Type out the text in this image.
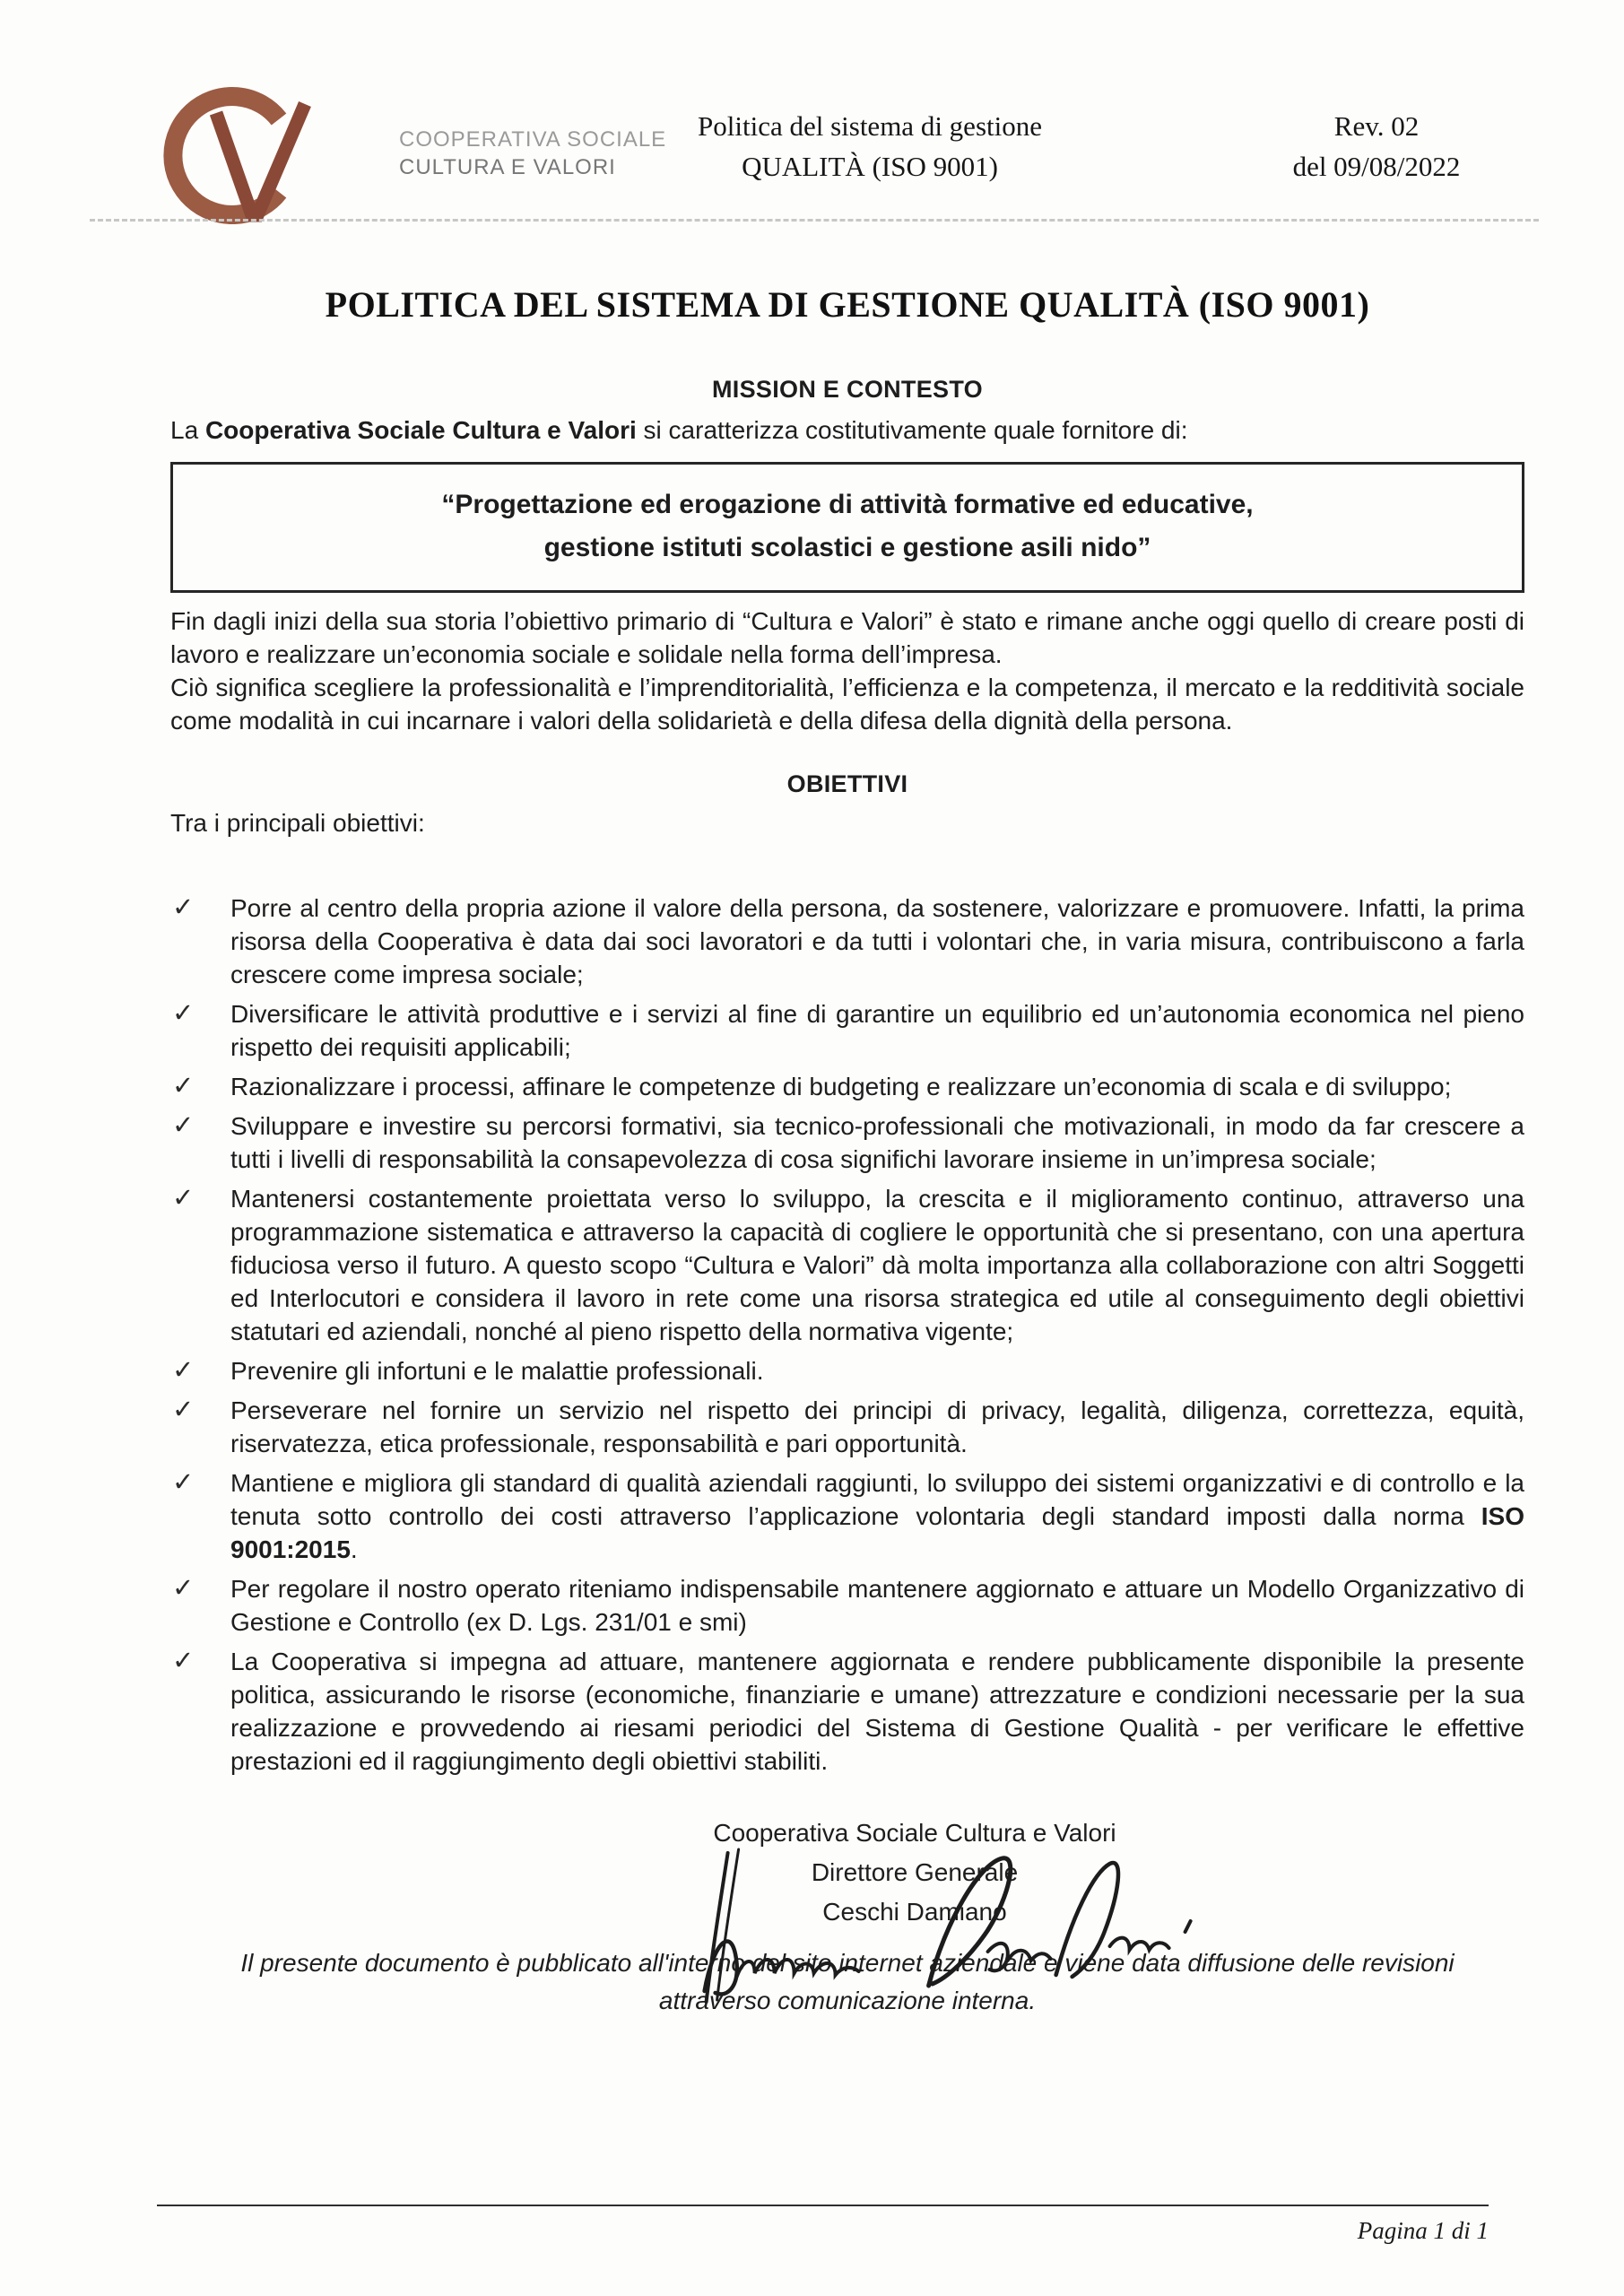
COOPERATIVA SOCIALE
CULTURA E VALORI
Politica del sistema di gestione
QUALITÀ (ISO 9001)
Rev. 02
del 09/08/2022
POLITICA DEL SISTEMA DI GESTIONE QUALITÀ (ISO 9001)
MISSION E CONTESTO
La Cooperativa Sociale Cultura e Valori si caratterizza costitutivamente quale fornitore di:
“Progettazione ed erogazione di attività formative ed educative,
gestione istituti scolastici e gestione asili nido”
Fin dagli inizi della sua storia l’obiettivo primario di “Cultura e Valori” è stato e rimane anche oggi quello di creare posti di lavoro e realizzare un’economia sociale e solidale nella forma dell’impresa.
Ciò significa scegliere la professionalità e l’imprenditorialità, l’efficienza e la competenza, il mercato e la redditività sociale come modalità in cui incarnare i valori della solidarietà e della difesa della dignità della persona.
OBIETTIVI
Tra i principali obiettivi:
✓	Porre al centro della propria azione il valore della persona, da sostenere, valorizzare e promuovere. Infatti, la prima risorsa della Cooperativa è data dai soci lavoratori e da tutti i volontari che, in varia misura, contribuiscono a farla crescere come impresa sociale;
✓	Diversificare le attività produttive e i servizi al fine di garantire un equilibrio ed un’autonomia economica nel pieno rispetto dei requisiti applicabili;
✓	Razionalizzare i processi, affinare le competenze di budgeting e realizzare un’economia di scala e di sviluppo;
✓	Sviluppare e investire su percorsi formativi, sia tecnico-professionali che motivazionali, in modo da far crescere a tutti i livelli di responsabilità la consapevolezza di cosa significhi lavorare insieme in un’impresa sociale;
✓	Mantenersi costantemente proiettata verso lo sviluppo, la crescita e il miglioramento continuo, attraverso una programmazione sistematica e attraverso la capacità di cogliere le opportunità che si presentano, con una apertura fiduciosa verso il futuro. A questo scopo “Cultura e Valori” dà molta importanza alla collaborazione con altri Soggetti ed Interlocutori e considera il lavoro in rete come una risorsa strategica ed utile al conseguimento degli obiettivi statutari ed aziendali, nonché al pieno rispetto della normativa vigente;
✓	Prevenire gli infortuni e le malattie professionali.
✓	Perseverare nel fornire un servizio nel rispetto dei principi di privacy, legalità, diligenza, correttezza, equità, riservatezza, etica professionale, responsabilità e pari opportunità.
✓	Mantiene e migliora gli standard di qualità aziendali raggiunti, lo sviluppo dei sistemi organizzativi e di controllo e la tenuta sotto controllo dei costi attraverso l’applicazione volontaria degli standard imposti dalla norma ISO 9001:2015.
✓	Per regolare il nostro operato riteniamo indispensabile mantenere aggiornato e attuare un Modello Organizzativo di Gestione e Controllo (ex D. Lgs. 231/01 e smi)
✓	La Cooperativa si impegna ad attuare, mantenere aggiornata e rendere pubblicamente disponibile la presente politica, assicurando le risorse (economiche, finanziarie e umane) attrezzature e condizioni necessarie per la sua realizzazione e provvedendo ai riesami periodici del Sistema di Gestione Qualità - per verificare le effettive prestazioni ed il raggiungimento degli obiettivi stabiliti.
Cooperativa Sociale Cultura e Valori
Direttore Generale
Ceschi Damiano
Il presente documento è pubblicato all'interno del sito internet aziendale e viene data diffusione delle revisioni attraverso comunicazione interna.
Pagina 1 di 1
